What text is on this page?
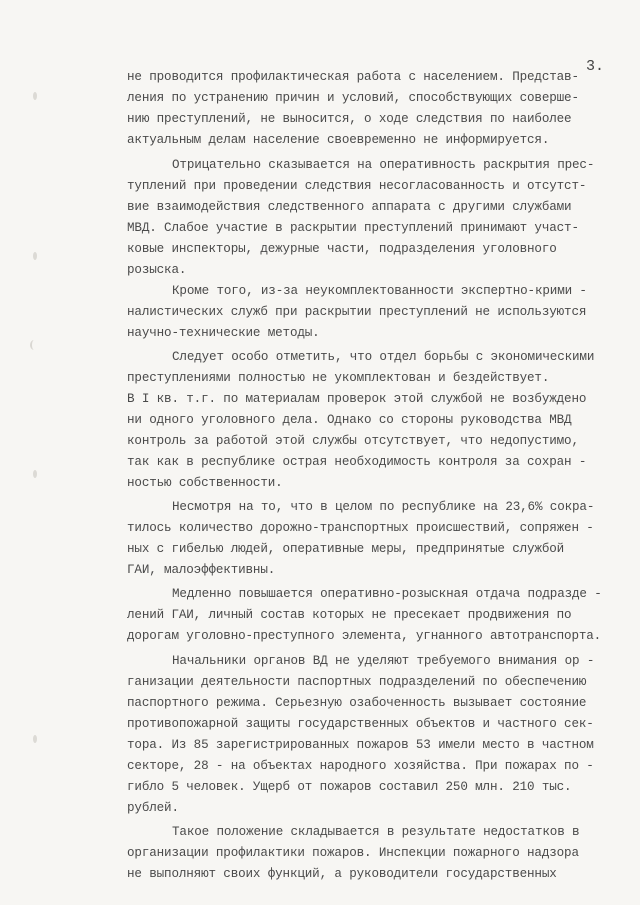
3.
не проводится профилактическая работа с населением. Представ-
ления по устранению причин и условий, способствующих соверше-
нию преступлений, не выносится, о ходе следствия по наиболее
актуальным делам население своевременно не информируется.
Отрицательно сказывается на оперативность раскрытия прес-
туплений при проведении следствия несогласованность и отсутст-
вие взаимодействия следственного аппарата с другими службами
МВД. Слабое участие в раскрытии преступлений принимают участ-
ковые инспекторы, дежурные части, подразделения уголовного
розыска.
Кроме того, из-за неукомплектованности экспертно-крими -
налистических служб при раскрытии преступлений не используются
научно-технические методы.
Следует особо отметить, что отдел борьбы с экономическими
преступлениями полностью не укомплектован и бездействует.
В I кв. т.г. по материалам проверок этой службой не возбуждено
ни одного уголовного дела. Однако со стороны руководства МВД
контроль за работой этой службы отсутствует, что недопустимо,
так как в республике острая необходимость контроля за сохран -
ностью собственности.
Несмотря на то, что в целом по республике на 23,6% сокра-
тилось количество дорожно-транспортных происшествий, сопряжен -
ных с гибелью людей, оперативные меры, предпринятые службой
ГАИ, малоэффективны.
Медленно повышается оперативно-розыскная отдача подразде -
лений ГАИ, личный состав которых не пресекает продвижения по
дорогам уголовно-преступного элемента, угнанного автотранспорта.
Начальники органов ВД не уделяют требуемого внимания ор -
ганизации деятельности паспортных подразделений по обеспечению
паспортного режима. Серьезную озабоченность вызывает состояние
противопожарной защиты государственных объектов и частного сек-
тора. Из 85 зарегистрированных пожаров 53 имели место в частном
секторе, 28 - на объектах народного хозяйства. При пожарах по -
гибло 5 человек. Ущерб от пожаров составил 250 млн. 210 тыс.
рублей.
Такое положение складывается в результате недостатков в
организации профилактики пожаров. Инспекции пожарного надзора
не выполняют своих функций, а руководители государственных
